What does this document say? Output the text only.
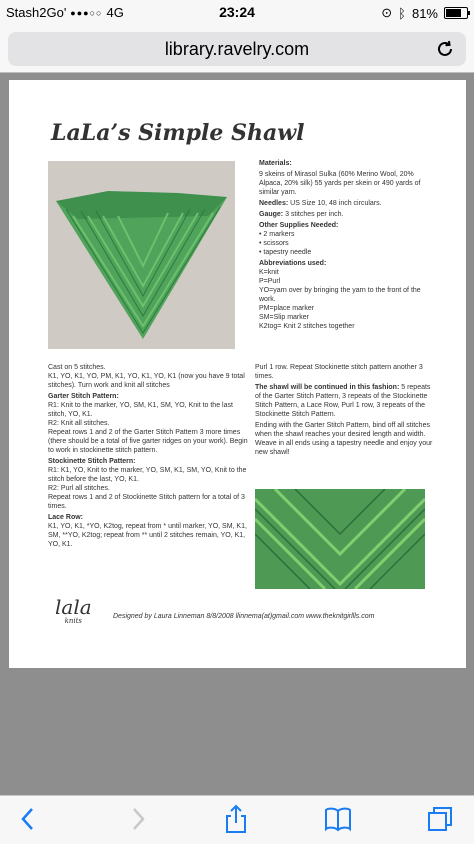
Stash2Go' ●●●○○ 4G	23:24	⊙ ᛒ 81%
library.ravelry.com
LaLa’s Simple Shawl

Materials:

9 skeins of Mirasol Sulka (60% Merino Wool, 20% Alpaca, 20% silk) 55 yards per skein or 490 yards of similar yarn.

Needles: US Size 10, 48 inch circulars.

Gauge: 3 stitches per inch.

Other Supplies Needed:

• 2 markers
• scissors
• tapestry needle

Abbreviations used:

K=knit
P=Purl
YO=yarn over by bringing the yarn to the front of the work.
PM=place marker
SM=Slip marker
K2tog= Knit 2 stitches together

Cast on 5 stitches.

K1, YO, K1, YO, PM, K1, YO, K1, YO, K1 (now you have 9 total stitches). Turn work and knit all stitches

Garter Stitch Pattern:

R1: Knit to the marker, YO, SM, K1, SM, YO, Knit to the last stitch, YO, K1.

R2: Knit all stitches.

Repeat rows 1 and 2 of the Garter Stitch Pattern 3 more times (there should be a total of five garter ridges on your work). Begin to work in stockinette stitch pattern.

Stockinette Stitch Pattern:

R1: K1, YO, Knit to the marker, YO, SM, K1, SM, YO, Knit to the stitch before the last, YO, K1.

R2: Purl all stitches.

Repeat rows 1 and 2 of Stockinette Stitch pattern for a total of 3 times.

Lace Row:

K1, YO, K1, *YO, K2tog, repeat from * until marker, YO, SM, K1, SM, **YO, K2tog; repeat from ** until 2 stitches remain, YO, K1, YO, K1.

Purl 1 row. Repeat Stockinette stitch pattern another 3 times.

The shawl will be continued in this fashion: 5 repeats of the Garter Stitch Pattern, 3 repeats of the Stockinette Stitch Pattern, a Lace Row, Purl 1 row, 3 repeats of the Stockinette Stitch Pattern.

Ending with the Garter Stitch Pattern, bind off all stitches when the shawl reaches your desired length and width. Weave in all ends using a tapestry needle and enjoy your new shawl!

lala
knits
Designed by Laura Linneman 8/8/2008 llinnema(at)gmail.com www.theknitgirllls.com
